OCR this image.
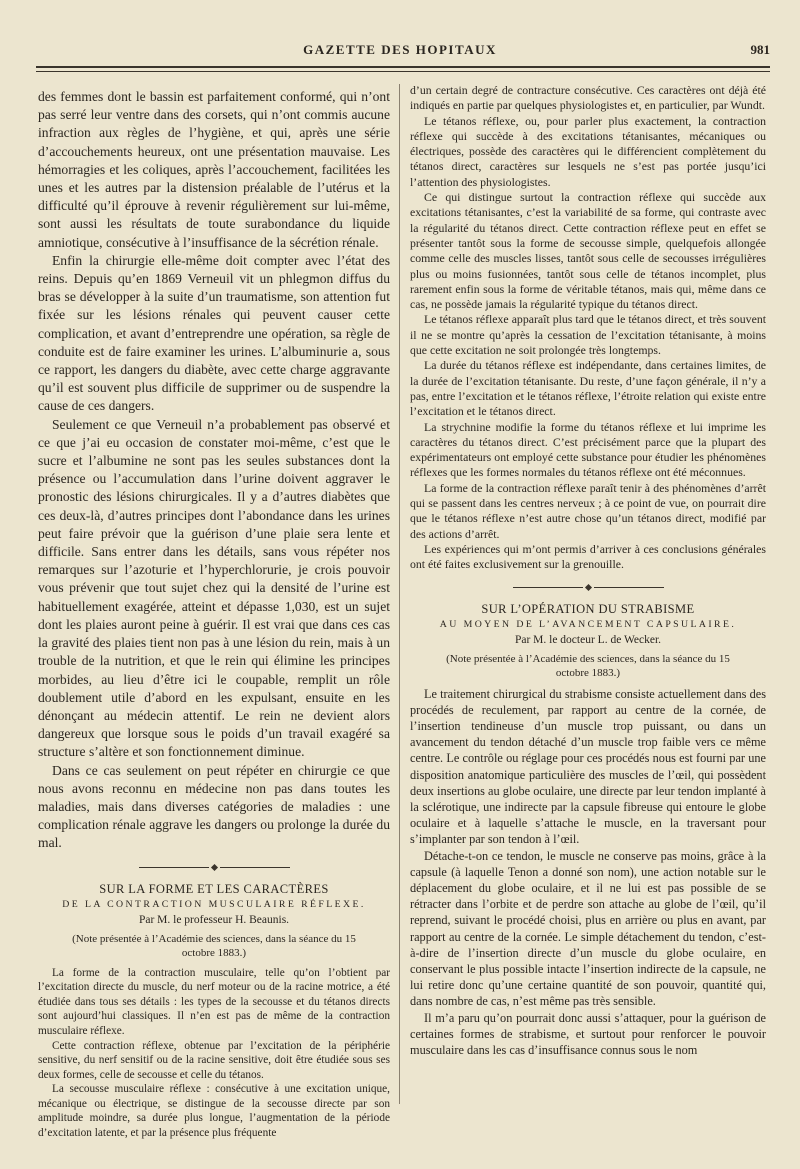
GAZETTE DES HOPITAUX	981

des femmes dont le bassin est parfaitement conformé, qui n’ont pas serré leur ventre dans des corsets, qui n’ont commis aucune infraction aux règles de l’hygiène, et qui, après une série d’accouchements heureux, ont une présentation mauvaise. Les hémorragies et les coliques, après l’accouchement, facilitées les unes et les autres par la distension préalable de l’utérus et la difficulté qu’il éprouve à revenir régulièrement sur lui-même, sont aussi les résultats de toute surabondance du liquide amniotique, consécutive à l’insuffisance de la sécrétion rénale.

Enfin la chirurgie elle-même doit compter avec l’état des reins. Depuis qu’en 1869 Verneuil vit un phlegmon diffus du bras se développer à la suite d’un traumatisme, son attention fut fixée sur les lésions rénales qui peuvent causer cette complication, et avant d’entreprendre une opération, sa règle de conduite est de faire examiner les urines. L’albuminurie a, sous ce rapport, les dangers du diabète, avec cette charge aggravante qu’il est souvent plus difficile de supprimer ou de suspendre la cause de ces dangers.

Seulement ce que Verneuil n’a probablement pas observé et ce que j’ai eu occasion de constater moi-même, c’est que le sucre et l’albumine ne sont pas les seules substances dont la présence ou l’accumulation dans l’urine doivent aggraver le pronostic des lésions chirurgicales. Il y a d’autres diabètes que ces deux-là, d’autres principes dont l’abondance dans les urines peut faire prévoir que la guérison d’une plaie sera lente et difficile. Sans entrer dans les détails, sans vous répéter nos remarques sur l’azoturie et l’hyperchlorurie, je crois pouvoir vous prévenir que tout sujet chez qui la densité de l’urine est habituellement exagérée, atteint et dépasse 1,030, est un sujet dont les plaies auront peine à guérir. Il est vrai que dans ces cas la gravité des plaies tient non pas à une lésion du rein, mais à un trouble de la nutrition, et que le rein qui élimine les principes morbides, au lieu d’être ici le coupable, remplit un rôle doublement utile d’abord en les expulsant, ensuite en les dénonçant au médecin attentif. Le rein ne devient alors dangereux que lorsque sous le poids d’un travail exagéré sa structure s’altère et son fonctionnement diminue.

Dans ce cas seulement on peut répéter en chirurgie ce que nous avons reconnu en médecine non pas dans toutes les maladies, mais dans diverses catégories de maladies : une complication rénale aggrave les dangers ou prolonge la durée du mal.

SUR LA FORME ET LES CARACTÈRES

DE LA CONTRACTION MUSCULAIRE RÉFLEXE.

Par M. le professeur H. Beaunis.

(Note présentée à l’Académie des sciences, dans la séance du 15 octobre 1883.)

La forme de la contraction musculaire, telle qu’on l’obtient par l’excitation directe du muscle, du nerf moteur ou de la racine motrice, a été étudiée dans tous ses détails : les types de la secousse et du tétanos directs sont aujourd’hui classiques. Il n’en est pas de même de la contraction musculaire réflexe.

Cette contraction réflexe, obtenue par l’excitation de la périphérie sensitive, du nerf sensitif ou de la racine sensitive, doit être étudiée sous ses deux formes, celle de secousse et celle du tétanos.

La secousse musculaire réflexe : consécutive à une excitation unique, mécanique ou électrique, se distingue de la secousse directe par son amplitude moindre, sa durée plus longue, l’augmentation de la période d’excitation latente, et par la présence plus fréquente

d’un certain degré de contracture consécutive. Ces caractères ont déjà été indiqués en partie par quelques physiologistes et, en particulier, par Wundt.

Le tétanos réflexe, ou, pour parler plus exactement, la contraction réflexe qui succède à des excitations tétanisantes, mécaniques ou électriques, possède des caractères qui le différencient complètement du tétanos direct, caractères sur lesquels ne s’est pas portée jusqu’ici l’attention des physiologistes.

Ce qui distingue surtout la contraction réflexe qui succède aux excitations tétanisantes, c’est la variabilité de sa forme, qui contraste avec la régularité du tétanos direct. Cette contraction réflexe peut en effet se présenter tantôt sous la forme de secousse simple, quelquefois allongée comme celle des muscles lisses, tantôt sous celle de secousses irrégulières plus ou moins fusionnées, tantôt sous celle de tétanos incomplet, plus rarement enfin sous la forme de véritable tétanos, mais qui, même dans ce cas, ne possède jamais la régularité typique du tétanos direct.

Le tétanos réflexe apparaît plus tard que le tétanos direct, et très souvent il ne se montre qu’après la cessation de l’excitation tétanisante, à moins que cette excitation ne soit prolongée très longtemps.

La durée du tétanos réflexe est indépendante, dans certaines limites, de la durée de l’excitation tétanisante. Du reste, d’une façon générale, il n’y a pas, entre l’excitation et le tétanos réflexe, l’étroite relation qui existe entre l’excitation et le tétanos direct.

La strychnine modifie la forme du tétanos réflexe et lui imprime les caractères du tétanos direct. C’est précisément parce que la plupart des expérimentateurs ont employé cette substance pour étudier les phénomènes réflexes que les formes normales du tétanos réflexe ont été méconnues.

La forme de la contraction réflexe paraît tenir à des phénomènes d’arrêt qui se passent dans les centres nerveux ; à ce point de vue, on pourrait dire que le tétanos réflexe n’est autre chose qu’un tétanos direct, modifié par des actions d’arrêt.

Les expériences qui m’ont permis d’arriver à ces conclusions générales ont été faites exclusivement sur la grenouille.

SUR L’OPÉRATION DU STRABISME

AU MOYEN DE L’AVANCEMENT CAPSULAIRE.

Par M. le docteur L. de Wecker.

(Note présentée à l’Académie des sciences, dans la séance du 15 octobre 1883.)

Le traitement chirurgical du strabisme consiste actuellement dans des procédés de reculement, par rapport au centre de la cornée, de l’insertion tendineuse d’un muscle trop puissant, ou dans un avancement du tendon détaché d’un muscle trop faible vers ce même centre. Le contrôle ou réglage pour ces procédés nous est fourni par une disposition anatomique particulière des muscles de l’œil, qui possèdent deux insertions au globe oculaire, une directe par leur tendon implanté à la sclérotique, une indirecte par la capsule fibreuse qui entoure le globe oculaire et à laquelle s’attache le muscle, en la traversant pour s’implanter par son tendon à l’œil.

Détache-t-on ce tendon, le muscle ne conserve pas moins, grâce à la capsule (à laquelle Tenon a donné son nom), une action notable sur le déplacement du globe oculaire, et il ne lui est pas possible de se rétracter dans l’orbite et de perdre son attache au globe de l’œil, qu’il reprend, suivant le procédé choisi, plus en arrière ou plus en avant, par rapport au centre de la cornée. Le simple détachement du tendon, c’est-à-dire de l’insertion directe d’un muscle du globe oculaire, en conservant le plus possible intacte l’insertion indirecte de la capsule, ne lui retire donc qu’une certaine quantité de son pouvoir, quantité qui, dans nombre de cas, n’est même pas très sensible.

Il m’a paru qu’on pourrait donc aussi s’attaquer, pour la guérison de certaines formes de strabisme, et surtout pour renforcer le pouvoir musculaire dans les cas d’insuffisance connus sous le nom
